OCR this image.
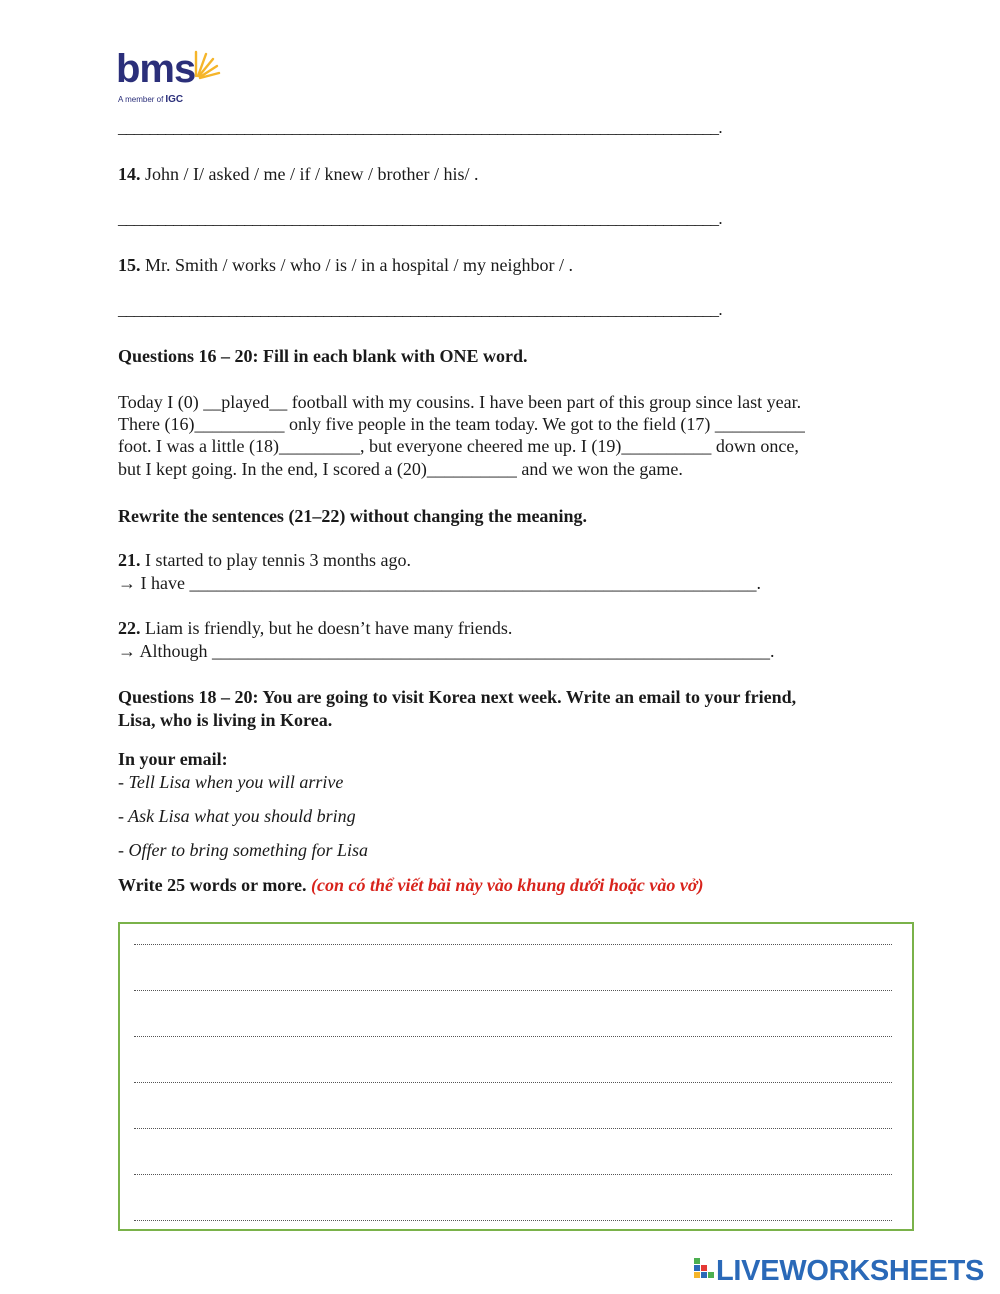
bms
A member of IGC
____________________________________________________________________________.
14. John / I/ asked / me / if / knew / brother / his/ .
____________________________________________________________________________.
15. Mr. Smith / works / who / is / in a hospital / my neighbor / .
____________________________________________________________________________.
Questions 16 – 20: Fill in each blank with ONE word.
Today I (0) __played__ football with my cousins. I have been part of this group since last year.
There (16)__________ only five people in the team today. We got to the field (17) __________
foot. I was a little (18)_________, but everyone cheered me up. I (19)__________ down once,
but I kept going. In the end, I scored a (20)__________ and we won the game.
Rewrite the sentences (21–22) without changing the meaning.
21. I started to play tennis 3 months ago.
→ I have _______________________________________________________________.
22. Liam is friendly, but he doesn’t have many friends.
→ Although ______________________________________________________________.
Questions 18 – 20: You are going to visit Korea next week. Write an email to your friend,
Lisa, who is living in Korea.
In your email:
- Tell Lisa when you will arrive
- Ask Lisa what you should bring
- Offer to bring something for Lisa
Write 25 words or more. (con có thể viết bài này vào khung dưới hoặc vào vở)
LIVEWORKSHEETS
